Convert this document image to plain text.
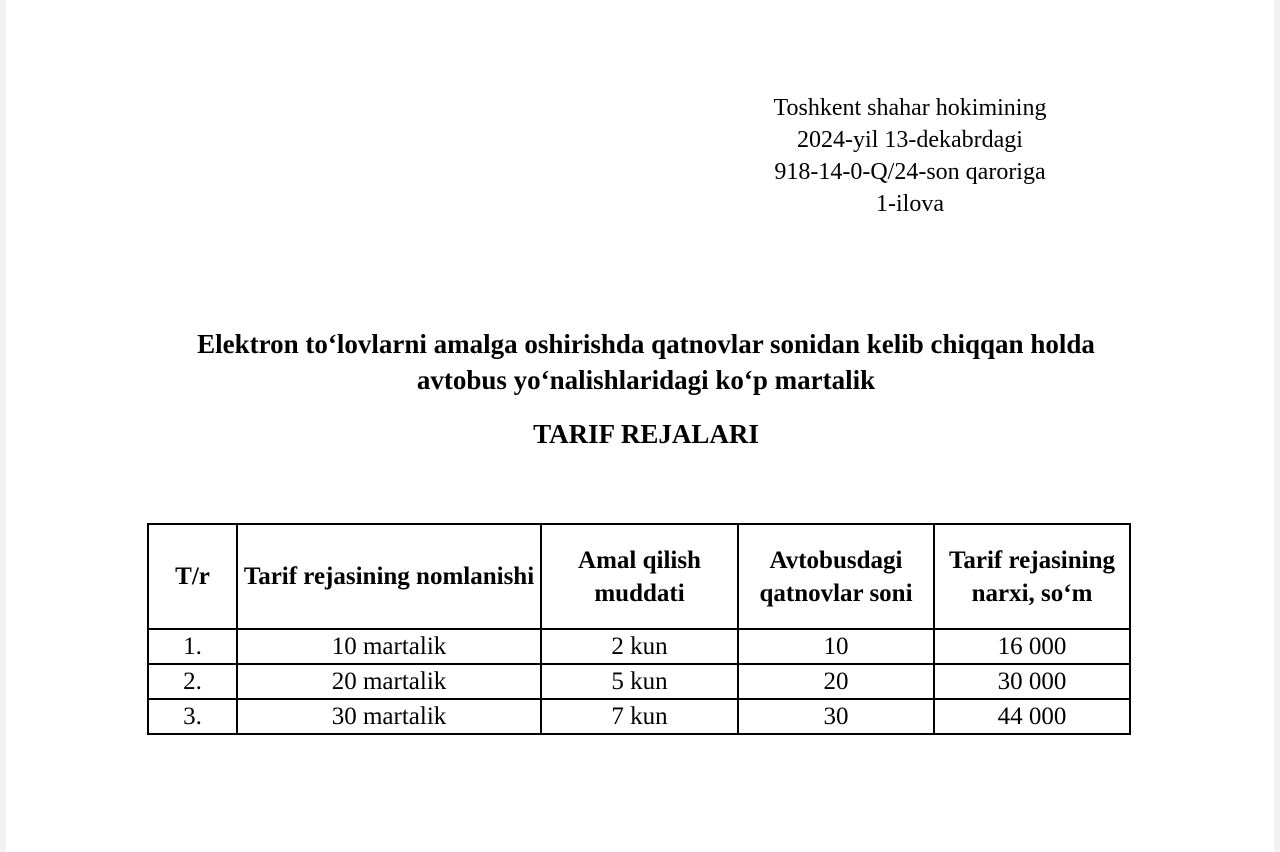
Toshkent shahar hokimining
2024-yil 13-dekabrdagi
918-14-0-Q/24-son qaroriga
1-ilova
Elektron to‘lovlarni amalga oshirishda qatnovlar sonidan kelib chiqqan holda
avtobus yo‘nalishlaridagi ko‘p martalik
TARIF REJALARI
T/r	Tarif rejasining nomlanishi	Amal qilish muddati	Avtobusdagi qatnovlar soni	Tarif rejasining narxi, so‘m
1.	10 martalik	2 kun	10	16 000
2.	20 martalik	5 kun	20	30 000
3.	30 martalik	7 kun	30	44 000
